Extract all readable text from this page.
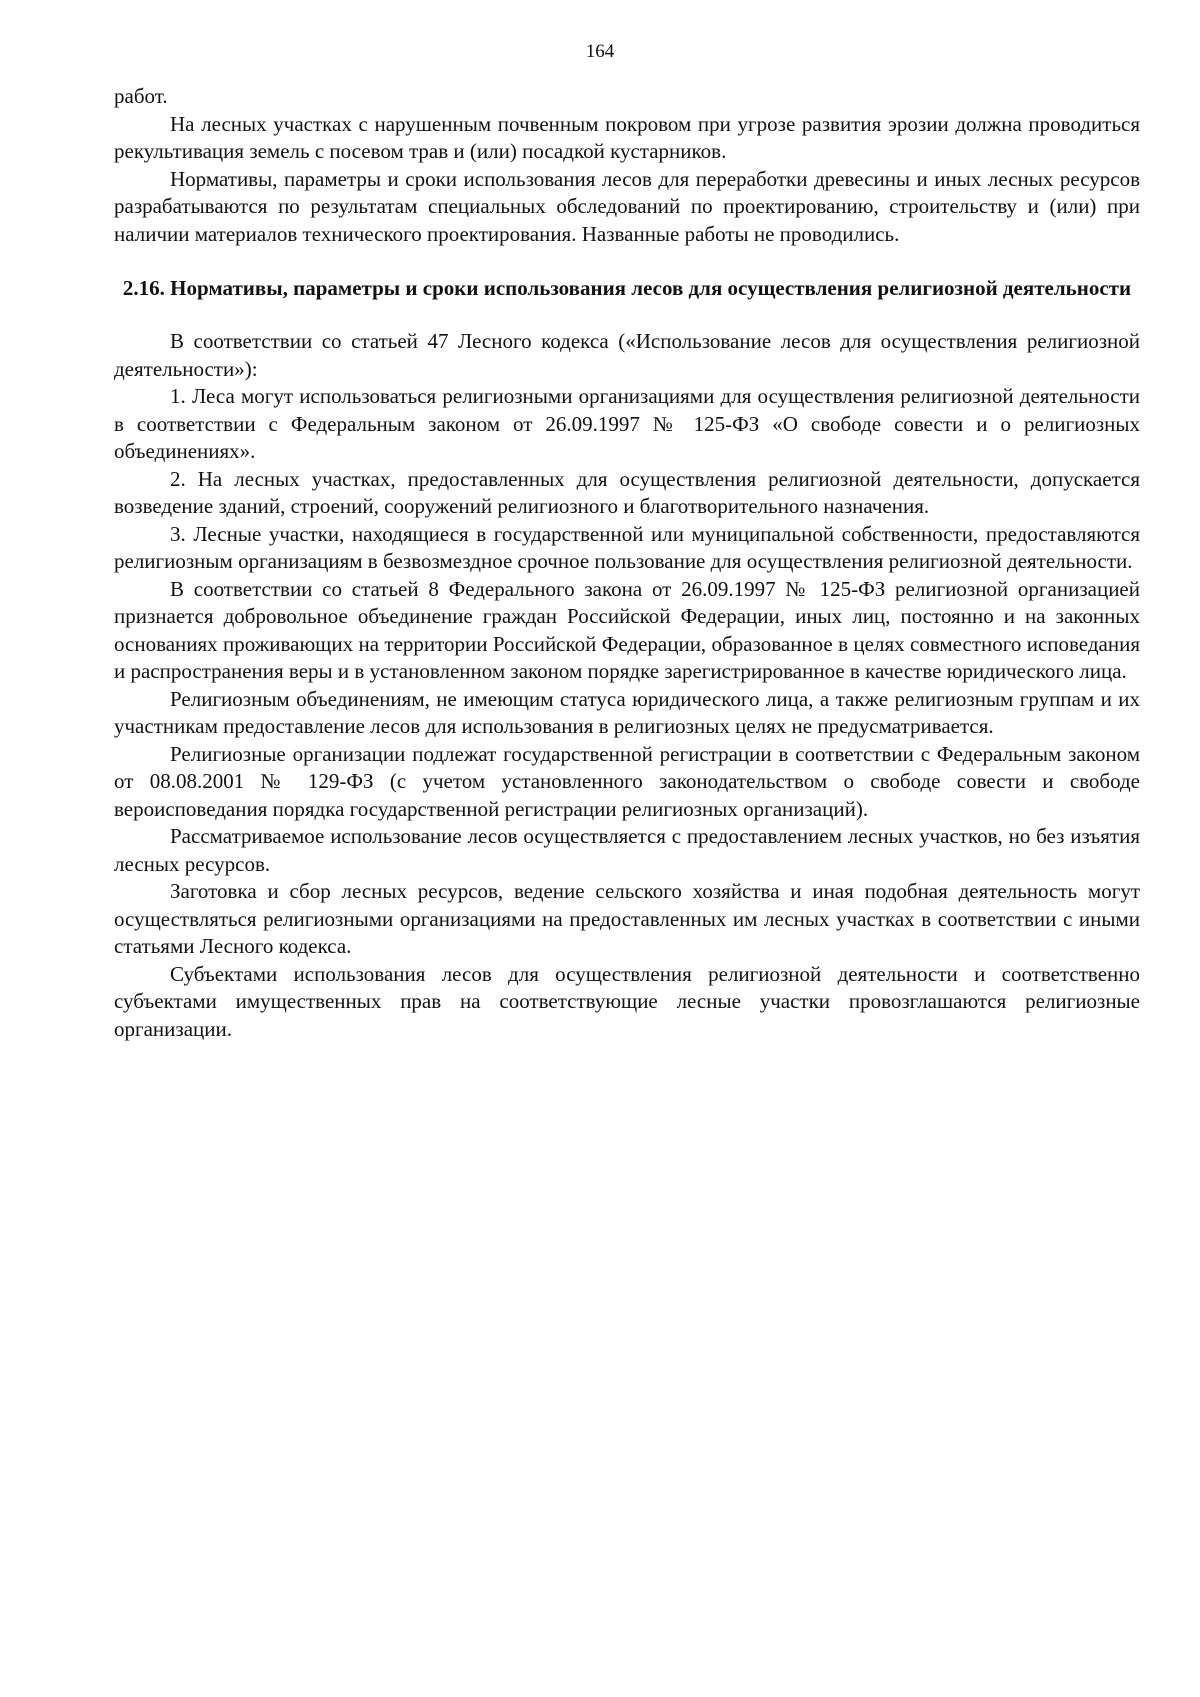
164

работ.

На лесных участках с нарушенным почвенным покровом при угрозе развития эрозии должна проводиться рекультивация земель с посевом трав и (или) посадкой кустарников.

Нормативы, параметры и сроки использования лесов для переработки древесины и иных лесных ресурсов разрабатываются по результатам специальных обследований по проектированию, строительству и (или) при наличии материалов технического проектирования. Названные работы не проводились.

2.16. Нормативы, параметры и сроки использования лесов для осуществления религиозной деятельности

В соответствии со статьей 47 Лесного кодекса («Использование лесов для осуществления религиозной деятельности»):

1. Леса могут использоваться религиозными организациями для осуществления религиозной деятельности в соответствии с Федеральным законом от 26.09.1997 № 125-ФЗ «О свободе совести и о религиозных объединениях».

2. На лесных участках, предоставленных для осуществления религиозной деятельности, допускается возведение зданий, строений, сооружений религиозного и благотворительного назначения.

3. Лесные участки, находящиеся в государственной или муниципальной собственности, предоставляются религиозным организациям в безвозмездное срочное пользование для осуществления религиозной деятельности.

В соответствии со статьей 8 Федерального закона от 26.09.1997 № 125-ФЗ религиозной организацией признается добровольное объединение граждан Российской Федерации, иных лиц, постоянно и на законных основаниях проживающих на территории Российской Федерации, образованное в целях совместного исповедания и распространения веры и в установленном законом порядке зарегистрированное в качестве юридического лица.

Религиозным объединениям, не имеющим статуса юридического лица, а также религиозным группам и их участникам предоставление лесов для использования в религиозных целях не предусматривается.

Религиозные организации подлежат государственной регистрации в соответствии с Федеральным законом от 08.08.2001 № 129-ФЗ (с учетом установленного законодательством о свободе совести и свободе вероисповедания порядка государственной регистрации религиозных организаций).

Рассматриваемое использование лесов осуществляется с предоставлением лесных участков, но без изъятия лесных ресурсов.

Заготовка и сбор лесных ресурсов, ведение сельского хозяйства и иная подобная деятельность могут осуществляться религиозными организациями на предоставленных им лесных участках в соответствии с иными статьями Лесного кодекса.

Субъектами использования лесов для осуществления религиозной деятельности и соответственно субъектами имущественных прав на соответствующие лесные участки провозглашаются религиозные организации.
